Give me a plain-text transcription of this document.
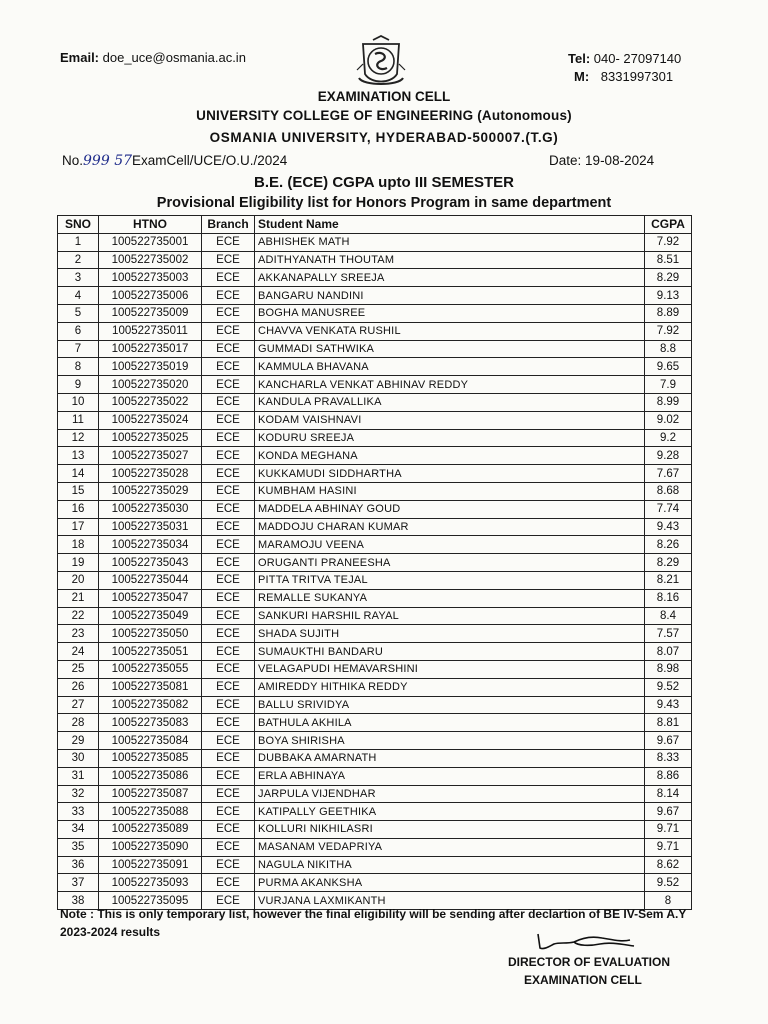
Email: doe_uce@osmania.ac.in	Tel: 040- 27097140
M: 8331997301
EXAMINATION CELL
UNIVERSITY COLLEGE OF ENGINEERING (Autonomous)
OSMANIA UNIVERSITY, HYDERABAD-500007.(T.G)
No.999 57ExamCell/UCE/O.U./2024	Date: 19-08-2024
B.E. (ECE) CGPA upto III SEMESTER
Provisional Eligibility list for Honors Program in same department
SNO	HTNO	Branch	Student Name	CGPA
1	100522735001	ECE	ABHISHEK MATH	7.92
2	100522735002	ECE	ADITHYANATH THOUTAM	8.51
3	100522735003	ECE	AKKANAPALLY SREEJA	8.29
4	100522735006	ECE	BANGARU NANDINI	9.13
5	100522735009	ECE	BOGHA MANUSREE	8.89
6	100522735011	ECE	CHAVVA VENKATA RUSHIL	7.92
7	100522735017	ECE	GUMMADI SATHWIKA	8.8
8	100522735019	ECE	KAMMULA BHAVANA	9.65
9	100522735020	ECE	KANCHARLA VENKAT ABHINAV REDDY	7.9
10	100522735022	ECE	KANDULA PRAVALLIKA	8.99
11	100522735024	ECE	KODAM VAISHNAVI	9.02
12	100522735025	ECE	KODURU SREEJA	9.2
13	100522735027	ECE	KONDA MEGHANA	9.28
14	100522735028	ECE	KUKKAMUDI SIDDHARTHA	7.67
15	100522735029	ECE	KUMBHAM HASINI	8.68
16	100522735030	ECE	MADDELA ABHINAY GOUD	7.74
17	100522735031	ECE	MADDOJU CHARAN KUMAR	9.43
18	100522735034	ECE	MARAMOJU VEENA	8.26
19	100522735043	ECE	ORUGANTI PRANEESHA	8.29
20	100522735044	ECE	PITTA TRITVA TEJAL	8.21
21	100522735047	ECE	REMALLE SUKANYA	8.16
22	100522735049	ECE	SANKURI HARSHIL RAYAL	8.4
23	100522735050	ECE	SHADA SUJITH	7.57
24	100522735051	ECE	SUMAUKTHI BANDARU	8.07
25	100522735055	ECE	VELAGAPUDI HEMAVARSHINI	8.98
26	100522735081	ECE	AMIREDDY HITHIKA REDDY	9.52
27	100522735082	ECE	BALLU SRIVIDYA	9.43
28	100522735083	ECE	BATHULA AKHILA	8.81
29	100522735084	ECE	BOYA SHIRISHA	9.67
30	100522735085	ECE	DUBBAKA AMARNATH	8.33
31	100522735086	ECE	ERLA ABHINAYA	8.86
32	100522735087	ECE	JARPULA VIJENDHAR	8.14
33	100522735088	ECE	KATIPALLY GEETHIKA	9.67
34	100522735089	ECE	KOLLURI NIKHILASRI	9.71
35	100522735090	ECE	MASANAM VEDAPRIYA	9.71
36	100522735091	ECE	NAGULA NIKITHA	8.62
37	100522735093	ECE	PURMA AKANKSHA	9.52
38	100522735095	ECE	VURJANA LAXMIKANTH	8
Note : This is only temporary list, however the final eligibility will be sending after declartion of BE IV-Sem A.Y 2023-2024 results
DIRECTOR OF EVALUATION
EXAMINATION CELL
